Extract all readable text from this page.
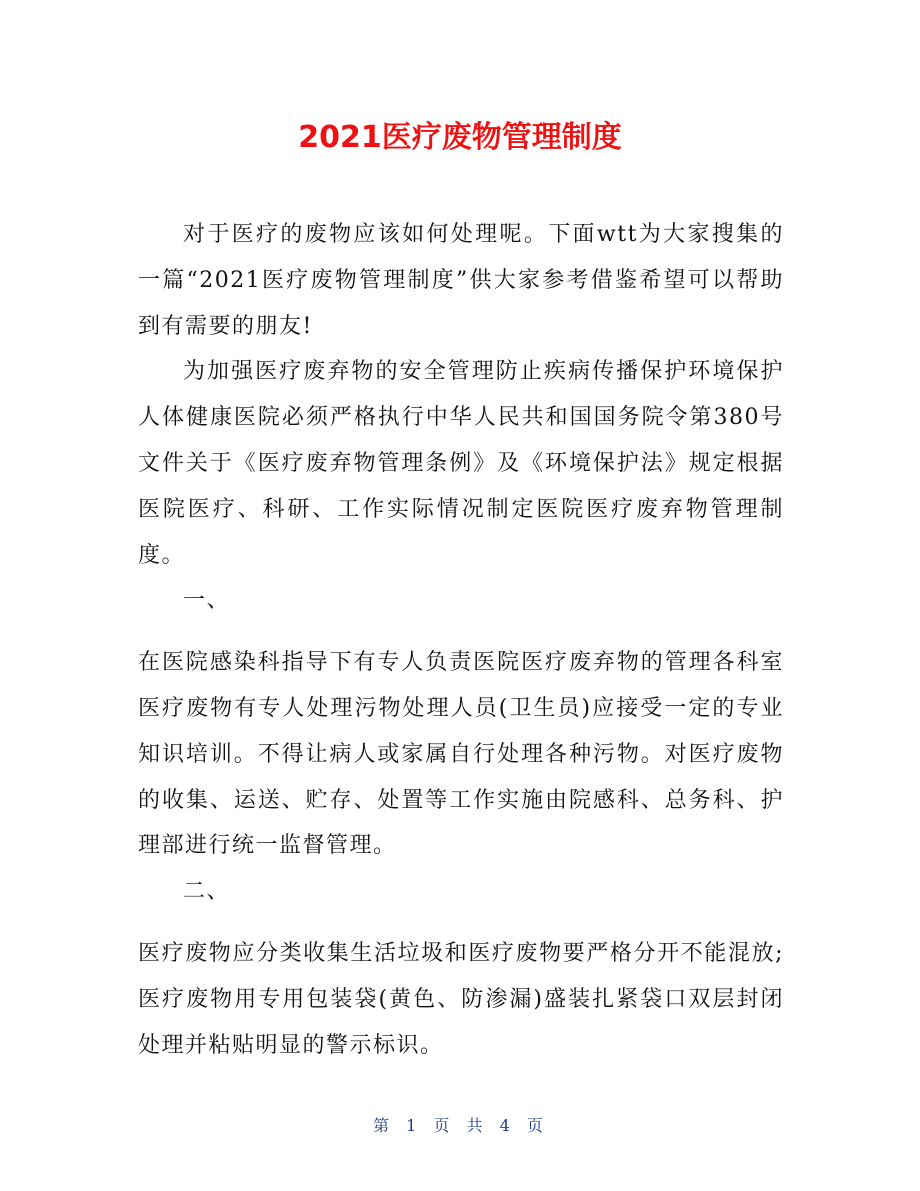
2021医疗废物管理制度

对于医疗的废物应该如何处理呢。下面wtt为大家搜集的一篇“2021医疗废物管理制度”供大家参考借鉴希望可以帮助到有需要的朋友!

为加强医疗废弃物的安全管理防止疾病传播保护环境保护人体健康医院必须严格执行中华人民共和国国务院令第380号文件关于《医疗废弃物管理条例》及《环境保护法》规定根据医院医疗、科研、工作实际情况制定医院医疗废弃物管理制度。

一、

在医院感染科指导下有专人负责医院医疗废弃物的管理各科室医疗废物有专人处理污物处理人员(卫生员)应接受一定的专业知识培训。不得让病人或家属自行处理各种污物。对医疗废物的收集、运送、贮存、处置等工作实施由院感科、总务科、护理部进行统一监督管理。

二、

医疗废物应分类收集生活垃圾和医疗废物要严格分开不能混放;医疗废物用专用包装袋(黄色、防渗漏)盛装扎紧袋口双层封闭处理并粘贴明显的警示标识。

第 1 页 共 4 页
